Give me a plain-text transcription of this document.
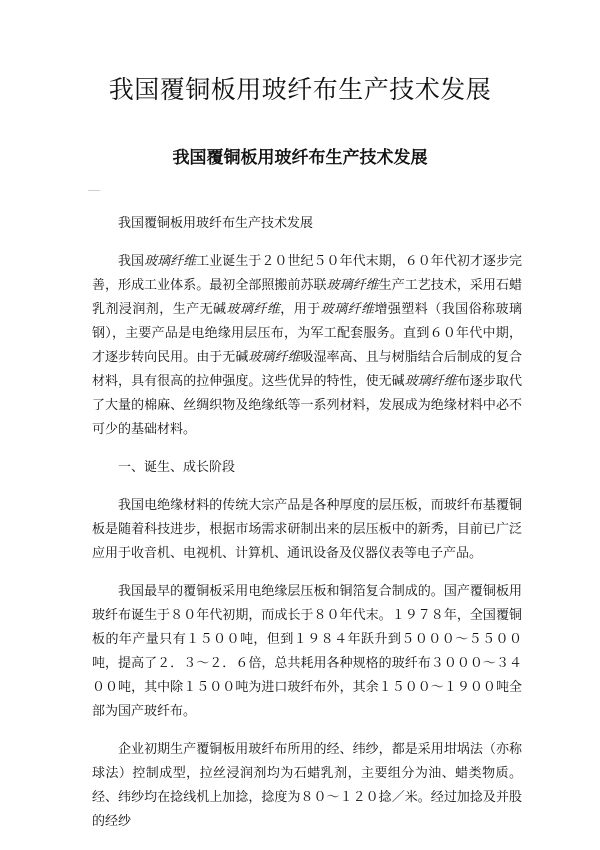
我国覆铜板用玻纤布生产技术发展
我国覆铜板用玻纤布生产技术发展

我国覆铜板用玻纤布生产技术发展

我国玻璃纤维工业诞生于２０世纪５０年代末期，６０年代初才逐步完善，形成工业体系。最初全部照搬前苏联玻璃纤维生产工艺技术，采用石蜡乳剂浸润剂，生产无碱玻璃纤维，用于玻璃纤维增强塑料（我国俗称玻璃钢），主要产品是电绝缘用层压布，为军工配套服务。直到６０年代中期，才逐步转向民用。由于无碱玻璃纤维吸湿率高、且与树脂结合后制成的复合材料，具有很高的拉伸强度。这些优异的特性，使无碱玻璃纤维布逐步取代了大量的棉麻、丝绸织物及绝缘纸等一系列材料，发展成为绝缘材料中必不可少的基础材料。

一、诞生、成长阶段

我国电绝缘材料的传统大宗产品是各种厚度的层压板，而玻纤布基覆铜板是随着科技进步，根据市场需求研制出来的层压板中的新秀，目前已广泛应用于收音机、电视机、计算机、通讯设备及仪器仪表等电子产品。

我国最早的覆铜板采用电绝缘层压板和铜箔复合制成的。国产覆铜板用玻纤布诞生于８０年代初期，而成长于８０年代末。１９７８年，全国覆铜板的年产量只有１５００吨，但到１９８４年跃升到５０００～５５００吨，提高了２．３～２．６倍，总共耗用各种规格的玻纤布３０００～３４００吨，其中除１５００吨为进口玻纤布外，其余１５００～１９００吨全部为国产玻纤布。

企业初期生产覆铜板用玻纤布所用的经、纬纱，都是采用坩埚法（亦称球法）控制成型，拉丝浸润剂均为石蜡乳剂，主要组分为油、蜡类物质。经、纬纱均在捻线机上加捻，捻度为８０～１２０捻／米。经过加捻及并股的经纱
